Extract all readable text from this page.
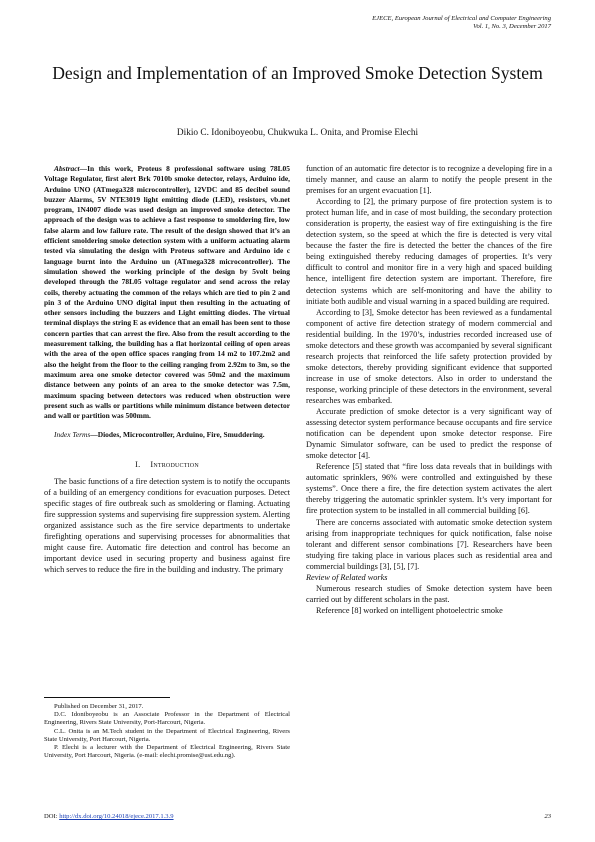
EJECE, European Journal of Electrical and Computer Engineering
Vol. 1, No. 3, December 2017
Design and Implementation of an Improved Smoke Detection System
Dikio C. Idoniboyeobu, Chukwuka L. Onita, and Promise Elechi

Abstract—In this work, Proteus 8 professional software using 78L05 Voltage Regulator, first alert Brk 7010b smoke detector, relays, Arduino ide, Arduino UNO (ATmega328 microcontroller), 12VDC and 85 decibel sound buzzer Alarms, 5V NTE3019 light emitting diode (LED), resistors, vb.net program, 1N4007 diode was used design an improved smoke detector. The approach of the design was to achieve a fast response to smoldering fire, low false alarm and low failure rate. The result of the design showed that it’s an efficient smoldering smoke detection system with a uniform actuating alarm tested via simulating the design with Proteus software and Arduino ide c language burnt into the Arduino un (ATmega328 microcontroller). The simulation showed the working principle of the design by 5volt being developed through the 78L05 voltage regulator and send across the relay coils, thereby actuating the common of the relays which are tied to pin 2 and pin 3 of the Arduino UNO digital input then resulting in the actuating of other sensors including the buzzers and Light emitting diodes. The virtual terminal displays the string E as evidence that an email has been sent to those concern parties that can arrest the fire. Also from the result according to the measurement talking, the building has a flat horizontal ceiling of open areas with the area of the open office spaces ranging from 14 m2 to 107.2m2 and also the height from the floor to the ceiling ranging from 2.92m to 3m, so the maximum area one smoke detector covered was 50m2 and the maximum distance between any points of an area to the smoke detector was 7.5m, maximum spacing between detectors was reduced when obstruction were present such as walls or partitions while minimum distance between detector and wall or partition was 500mm.

Index Terms—Diodes, Microcontroller, Arduino, Fire, Smuddering.

I. Introduction

The basic functions of a fire detection system is to notify the occupants of a building of an emergency conditions for evacuation purposes. Detect specific stages of fire outbreak such as smoldering or flaming. Actuating fire suppression systems and supervising fire suppression system. Alerting organized assistance such as the fire service departments to undertake firefighting operations and supervising processes for abnormalities that might cause fire. Automatic fire detection and control has become an important device used in securing property and business against fire which serves to reduce the fire in the building and industry. The primary

Published on December 31, 2017.

D.C. Idoniboyeobu is an Associate Professor in the Department of Electrical Engineering, Rivers State University, Port-Harcourt, Nigeria.

C.L. Onita is an M.Tech student in the Department of Electrical Engineering, Rivers State University, Port Harcourt, Nigeria.

P. Elechi is a lecturer with the Department of Electrical Engineering, Rivers State University, Port Harcourt, Nigeria. (e-mail: elechi.promise@ust.edu.ng).

function of an automatic fire detector is to recognize a developing fire in a timely manner, and cause an alarm to notify the people present in the premises for an urgent evacuation [1].

According to [2], the primary purpose of fire protection system is to protect human life, and in case of most building, the secondary protection consideration is property, the easiest way of fire extinguishing is the fire detection system, so the speed at which the fire is detected is very vital because the faster the fire is detected the better the chances of the fire being extinguished thereby reducing damages of properties. It’s very difficult to control and monitor fire in a very high and spaced building hence, intelligent fire detection system are important. Therefore, fire detection systems which are self-monitoring and have the ability to initiate both audible and visual warning in a spaced building are required.

According to [3], Smoke detector has been reviewed as a fundamental component of active fire detection strategy of modern commercial and residential building. In the 1970’s, industries recorded increased use of smoke detectors and these growth was accompanied by several significant research projects that reinforced the life safety protection provided by smoke detectors, thereby providing significant evidence that supported increase in use of smoke detectors. Also in order to understand the response, working principle of these detectors in the environment, several researches was embarked.

Accurate prediction of smoke detector is a very significant way of assessing detector system performance because occupants and fire service notification can be dependent upon smoke detector response. Fire Dynamic Simulator software, can be used to predict the response of smoke detector [4].

Reference [5] stated that “fire loss data reveals that in buildings with automatic sprinklers, 96% were controlled and extinguished by these systems”. Once there a fire, the fire detection system activates the alert thereby triggering the automatic sprinkler system. It’s very important for fire protection system to be installed in all commercial building [6].

There are concerns associated with automatic smoke detection system arising from inappropriate techniques for quick notification, false noise tolerant and different sensor combinations [7]. Researchers have been studying fire taking place in various places such as residential area and commercial buildings [3], [5], [7].

Review of Related works

Numerous research studies of Smoke detection system have been carried out by different scholars in the past.

Reference [8] worked on intelligent photoelectric smoke

DOI: http://dx.doi.org/10.24018/ejece.2017.1.3.9	23
